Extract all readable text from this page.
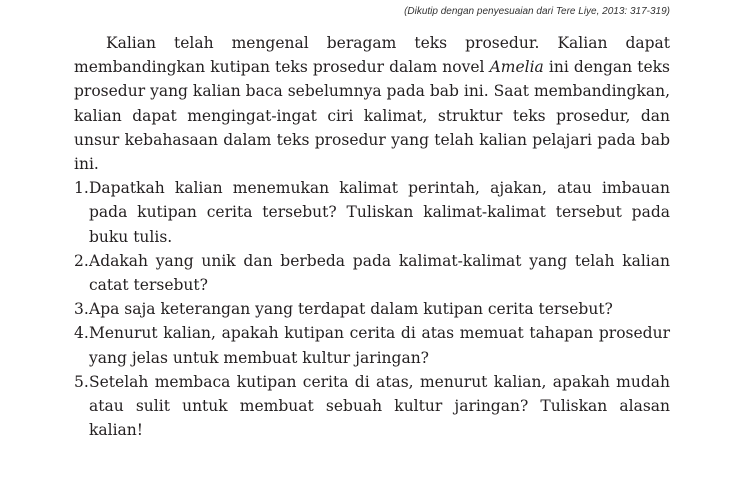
(Dikutip dengan penyesuaian dari Tere Liye, 2013: 317-319)

Kalian telah mengenal beragam teks prosedur. Kalian dapat membandingkan kutipan teks prosedur dalam novel Amelia ini dengan teks prosedur yang kalian baca sebelumnya pada bab ini. Saat membandingkan, kalian dapat mengingat-ingat ciri kalimat, struktur teks prosedur, dan unsur kebahasaan dalam teks prosedur yang telah kalian pelajari pada bab ini.

1. Dapatkah kalian menemukan kalimat perintah, ajakan, atau imbauan pada kutipan cerita tersebut? Tuliskan kalimat-kalimat tersebut pada buku tulis.
2. Adakah yang unik dan berbeda pada kalimat-kalimat yang telah kalian catat tersebut?
3. Apa saja keterangan yang terdapat dalam kutipan cerita tersebut?
4. Menurut kalian, apakah kutipan cerita di atas memuat tahapan prosedur yang jelas untuk membuat kultur jaringan?
5. Setelah membaca kutipan cerita di atas, menurut kalian, apakah mudah atau sulit untuk membuat sebuah kultur jaringan? Tuliskan alasan kalian!
